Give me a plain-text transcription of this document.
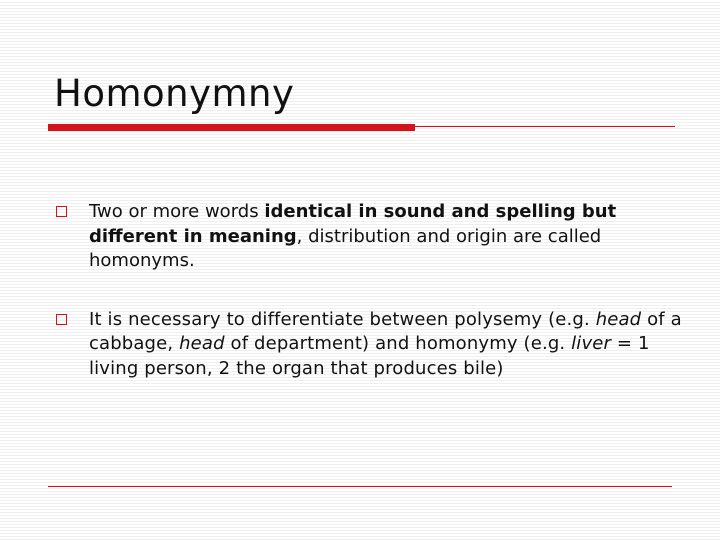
Homonymny
Two or more words identical in sound and spelling but different in meaning, distribution and origin are called homonyms.
It is necessary to differentiate between polysemy (e.g. head of a cabbage, head of department) and homonymy (e.g. liver = 1 living person, 2 the organ that produces bile)
